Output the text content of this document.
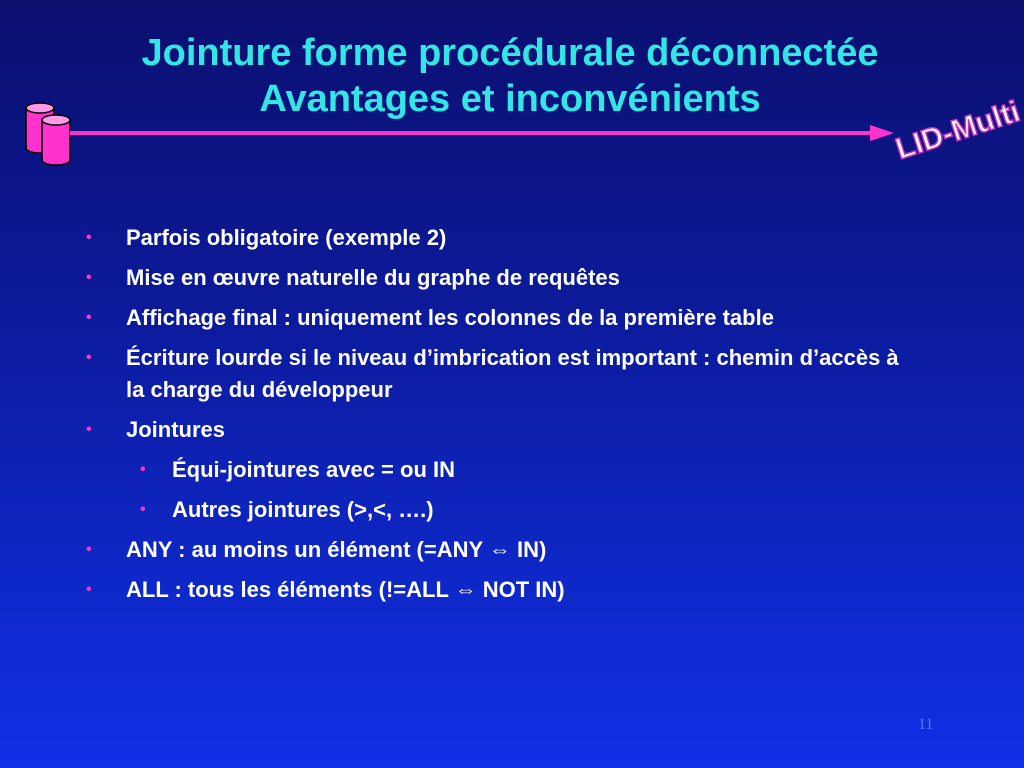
Jointure forme procédurale déconnectée
Avantages et inconvénients	LID-Multi
• Parfois obligatoire (exemple 2)
• Mise en œuvre naturelle du graphe de requêtes
• Affichage final : uniquement les colonnes de la première table
• Écriture lourde si le niveau d’imbrication est important : chemin d’accès à la charge du développeur
• Jointures
• Équi-jointures avec = ou IN
• Autres jointures (>,<, ….)
• ANY : au moins un élément (=ANY ⇔ IN)
• ALL : tous les éléments (!=ALL ⇔ NOT IN)
11
